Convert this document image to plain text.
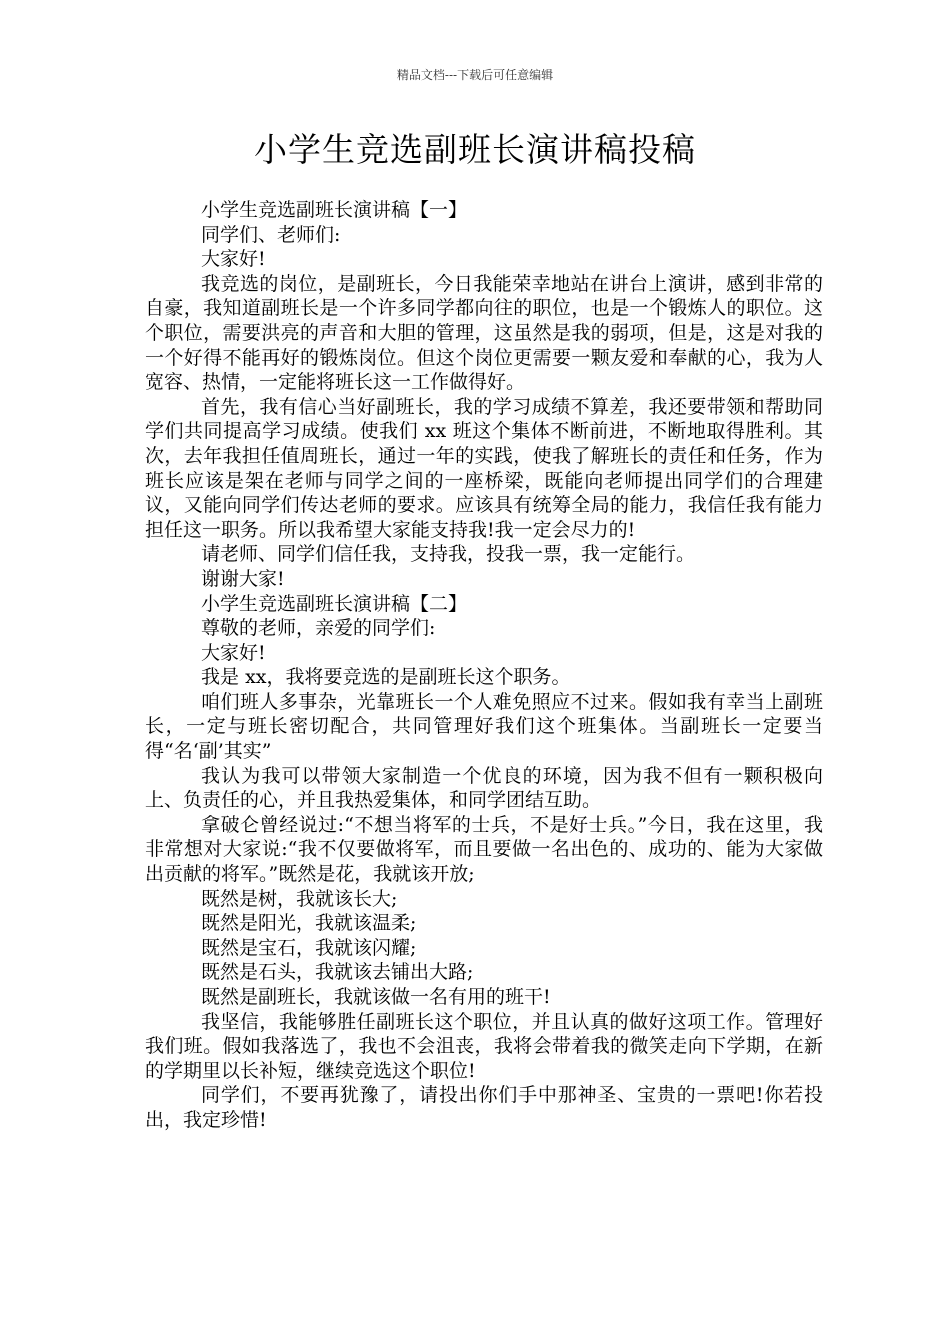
精品文档---下载后可任意编辑
小学生竞选副班长演讲稿投稿

小学生竞选副班长演讲稿【一】

同学们、老师们:

大家好!

我竞选的岗位，是副班长，今日我能荣幸地站在讲台上演讲，感到非常的自豪，我知道副班长是一个许多同学都向往的职位，也是一个锻炼人的职位。这个职位，需要洪亮的声音和大胆的管理，这虽然是我的弱项，但是，这是对我的一个好得不能再好的锻炼岗位。但这个岗位更需要一颗友爱和奉献的心，我为人宽容、热情，一定能将班长这一工作做得好。

首先，我有信心当好副班长，我的学习成绩不算差，我还要带领和帮助同学们共同提高学习成绩。使我们 xx 班这个集体不断前进，不断地取得胜利。其次，去年我担任值周班长，通过一年的实践，使我了解班长的责任和任务，作为班长应该是架在老师与同学之间的一座桥梁，既能向老师提出同学们的合理建议，又能向同学们传达老师的要求。应该具有统筹全局的能力，我信任我有能力担任这一职务。所以我希望大家能支持我!我一定会尽力的!

请老师、同学们信任我，支持我，投我一票，我一定能行。

谢谢大家!

小学生竞选副班长演讲稿【二】

尊敬的老师，亲爱的同学们:

大家好!

我是 xx，我将要竞选的是副班长这个职务。

咱们班人多事杂，光靠班长一个人难免照应不过来。假如我有幸当上副班长，一定与班长密切配合，共同管理好我们这个班集体。当副班长一定要当得“名‘副’其实”

我认为我可以带领大家制造一个优良的环境，因为我不但有一颗积极向上、负责任的心，并且我热爱集体，和同学团结互助。

拿破仑曾经说过:“不想当将军的士兵，不是好士兵。”今日，我在这里，我非常想对大家说:“我不仅要做将军，而且要做一名出色的、成功的、能为大家做出贡献的将军。”既然是花，我就该开放;

既然是树，我就该长大;

既然是阳光，我就该温柔;

既然是宝石，我就该闪耀;

既然是石头，我就该去铺出大路;

既然是副班长，我就该做一名有用的班干!

我坚信，我能够胜任副班长这个职位，并且认真的做好这项工作。管理好我们班。假如我落选了，我也不会沮丧，我将会带着我的微笑走向下学期，在新的学期里以长补短，继续竞选这个职位!

同学们，不要再犹豫了，请投出你们手中那神圣、宝贵的一票吧!你若投出，我定珍惜!
